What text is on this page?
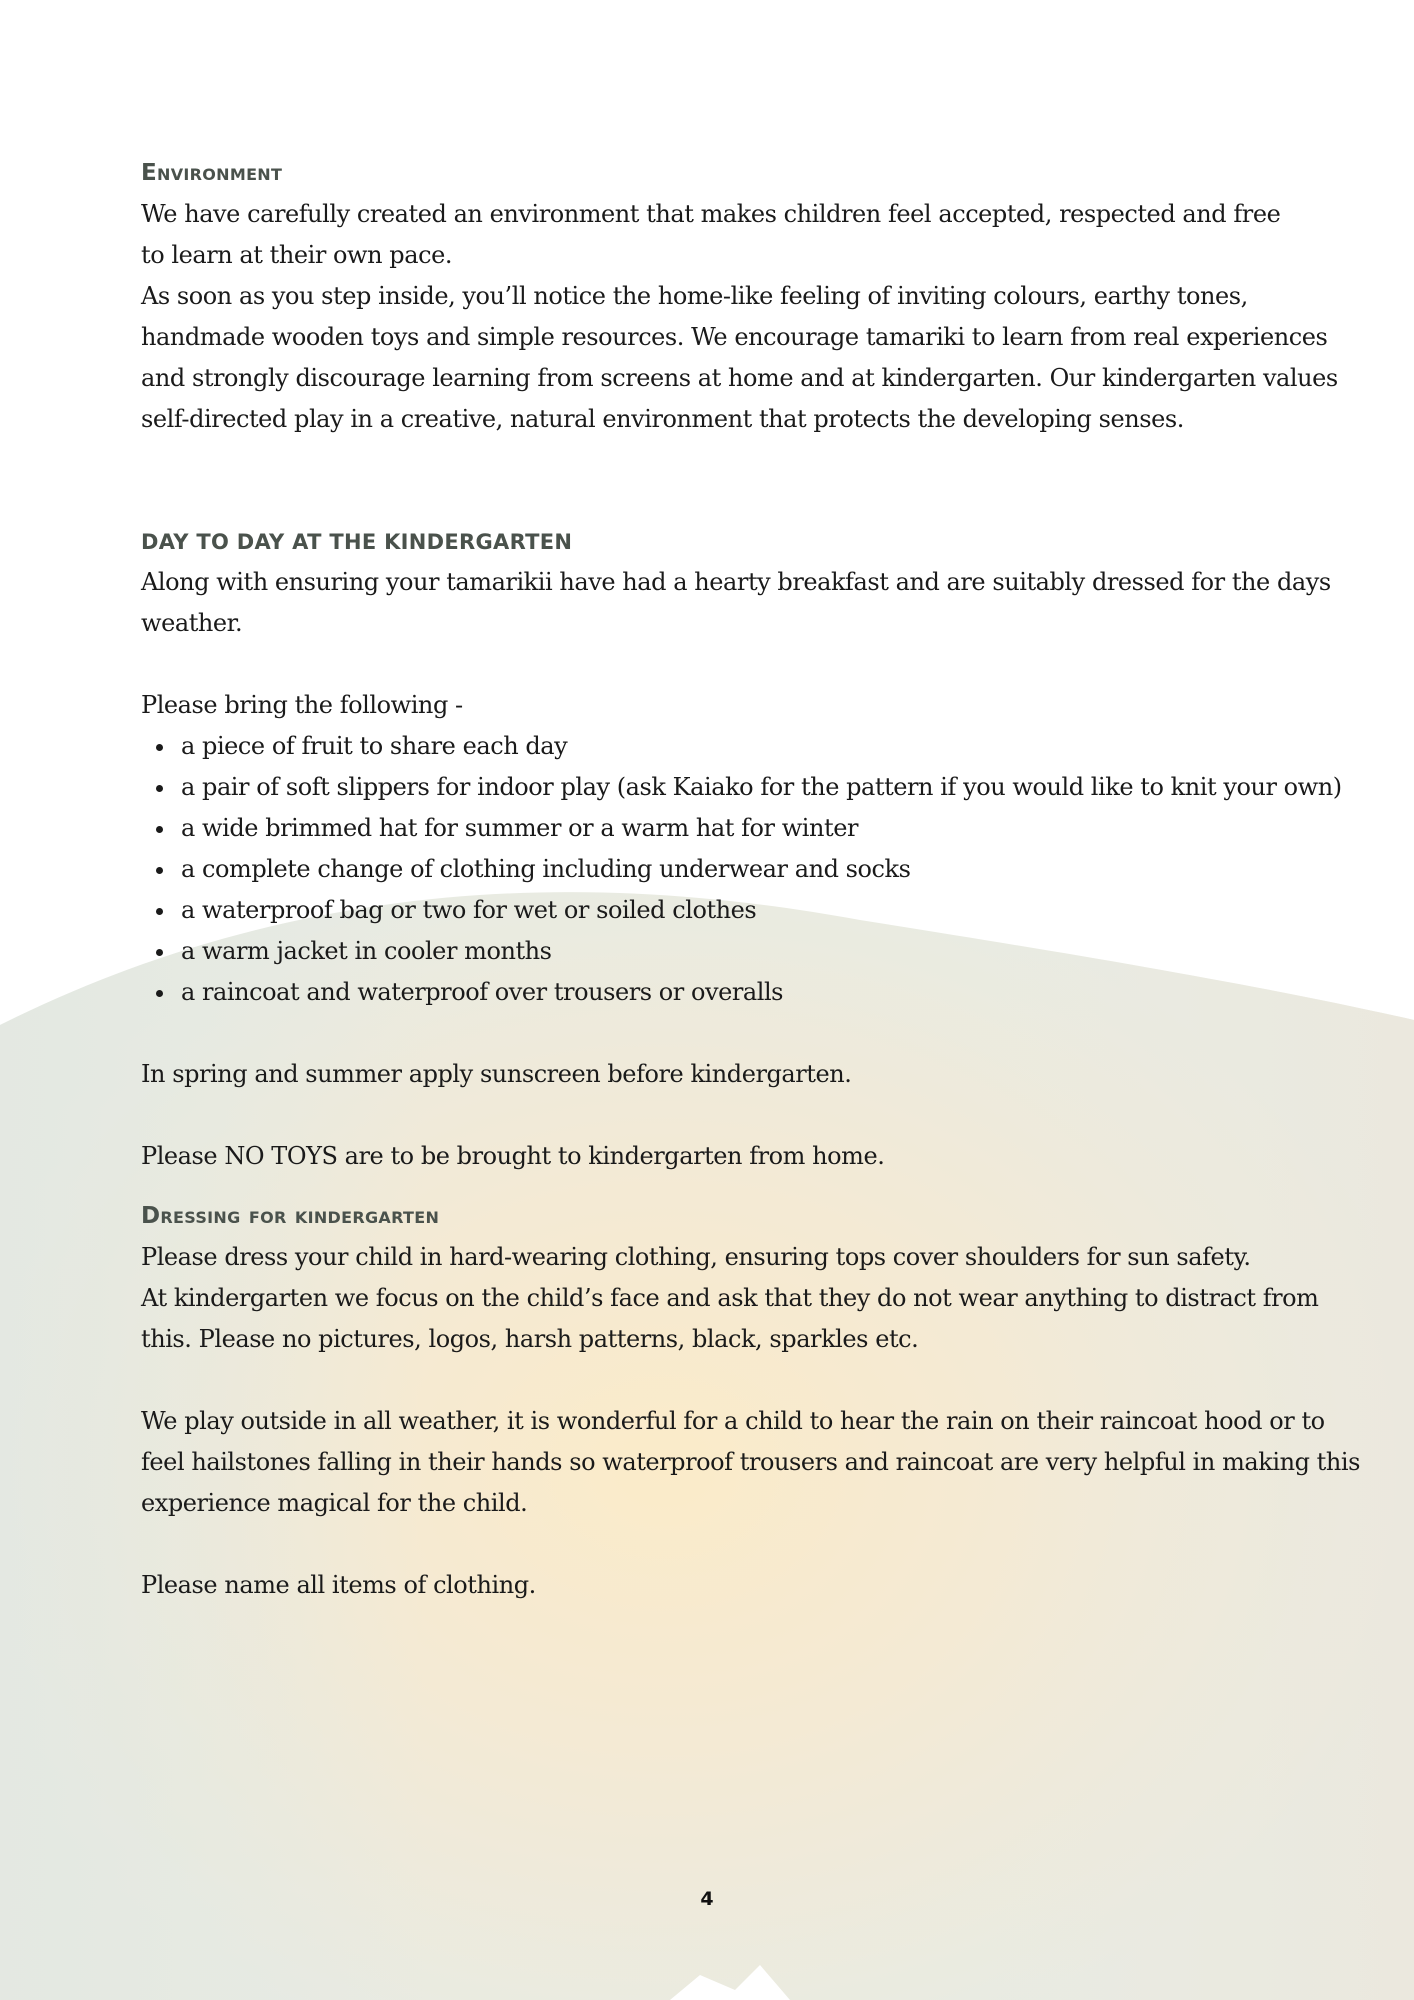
Environment

We have carefully created an environment that makes children feel accepted, respected and free

to learn at their own pace.

As soon as you step inside, you’ll notice the home-like feeling of inviting colours, earthy tones,

handmade wooden toys and simple resources. We encourage tamariki to learn from real experiences

and strongly discourage learning from screens at home and at kindergarten. Our kindergarten values

self-directed play in a creative, natural environment that protects the developing senses.

DAY TO DAY AT THE KINDERGARTEN

Along with ensuring your tamarikii have had a hearty breakfast and are suitably dressed for the days

weather.

Please bring the following -

a piece of fruit to share each day
a pair of soft slippers for indoor play (ask Kaiako for the pattern if you would like to knit your own)
a wide brimmed hat for summer or a warm hat for winter
a complete change of clothing including underwear and socks
a waterproof bag or two for wet or soiled clothes
a warm jacket in cooler months
a raincoat and waterproof over trousers or overalls

In spring and summer apply sunscreen before kindergarten.

Please NO TOYS are to be brought to kindergarten from home.

Dressing for kindergarten

Please dress your child in hard-wearing clothing, ensuring tops cover shoulders for sun safety.

At kindergarten we focus on the child’s face and ask that they do not wear anything to distract from

this. Please no pictures, logos, harsh patterns, black, sparkles etc.

We play outside in all weather, it is wonderful for a child to hear the rain on their raincoat hood or to

feel hailstones falling in their hands so waterproof trousers and raincoat are very helpful in making this

experience magical for the child.

Please name all items of clothing.

4
